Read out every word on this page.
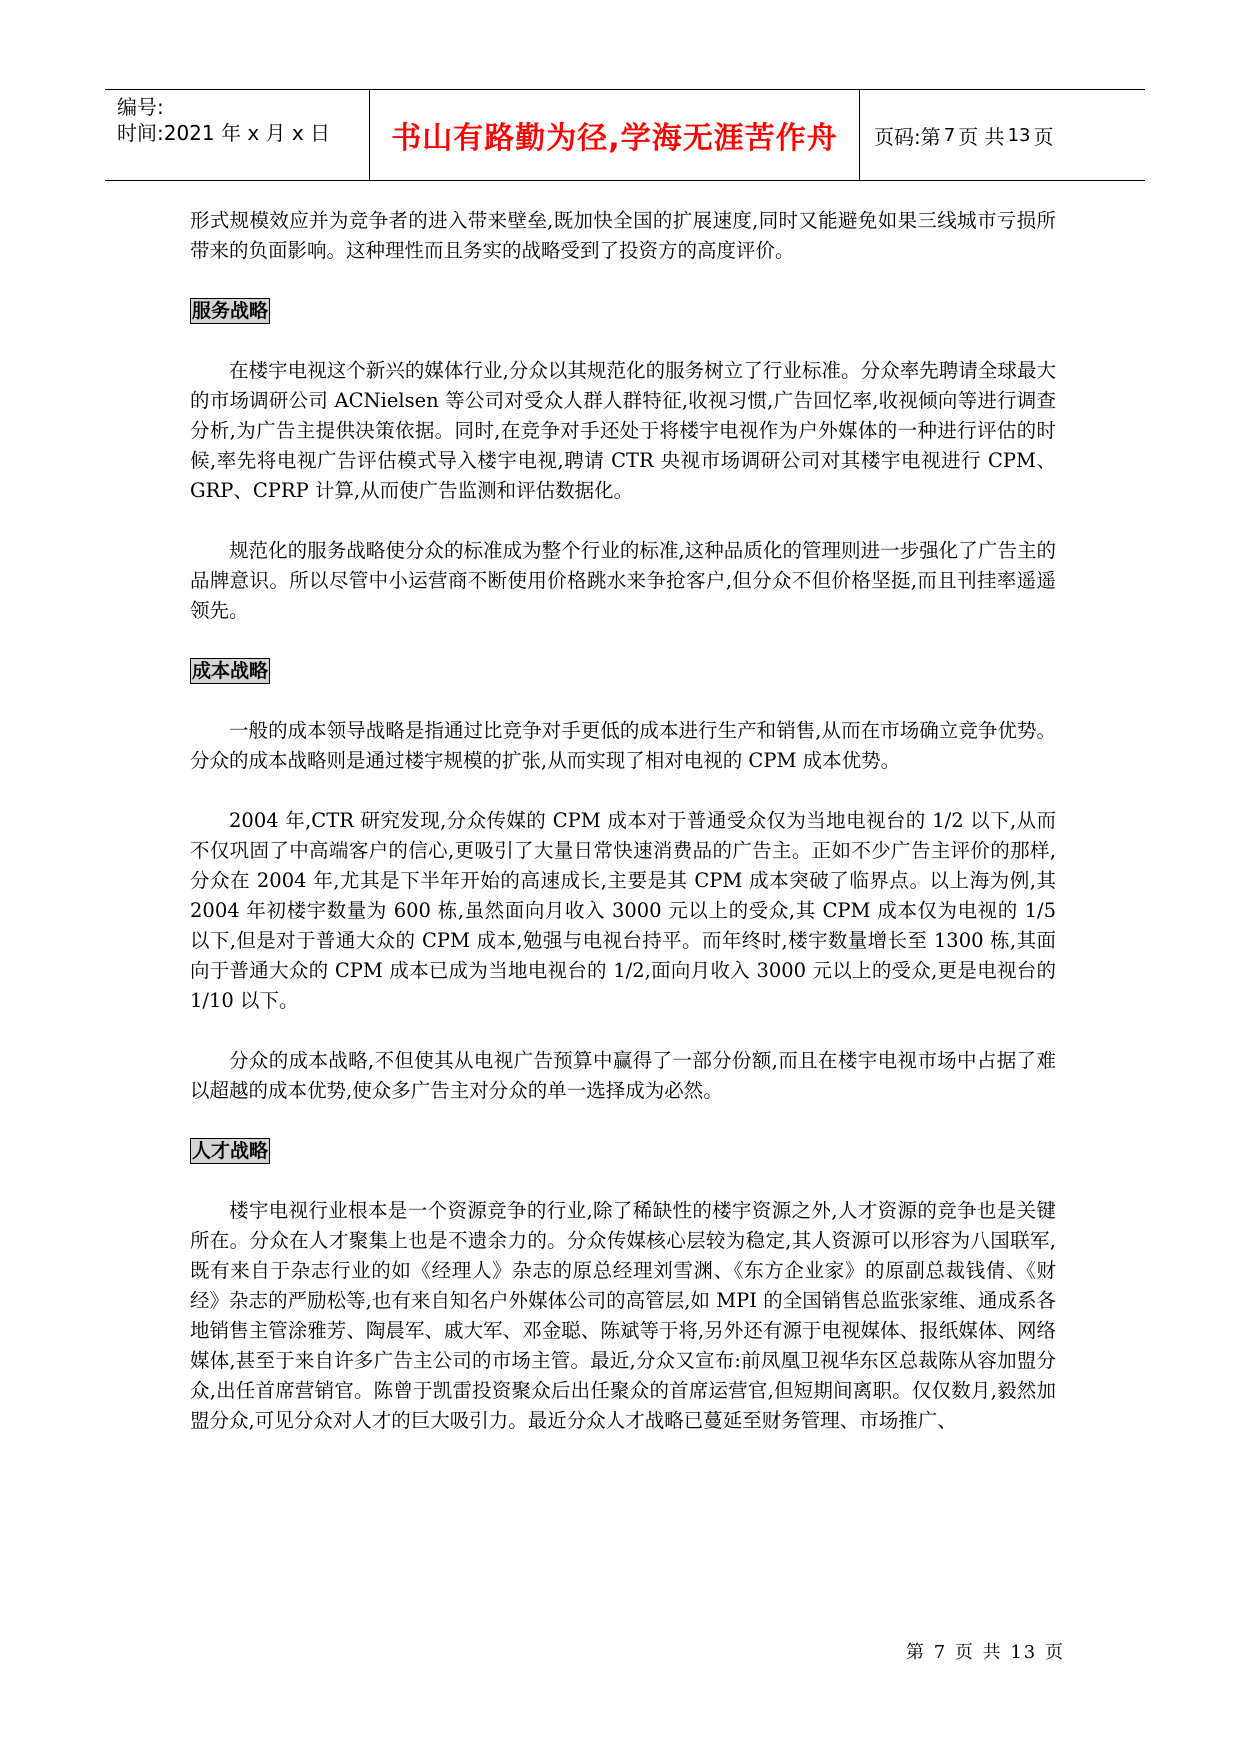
编号:
时间:2021 年 x 月 x 日	书山有路勤为径,学海无涯苦作舟	页码:第 7 页 共 13 页

形式规模效应并为竞争者的进入带来壁垒,既加快全国的扩展速度,同时又能避免如果三线城市亏损所带来的负面影响。这种理性而且务实的战略受到了投资方的高度评价。

服务战略

在楼宇电视这个新兴的媒体行业,分众以其规范化的服务树立了行业标准。分众率先聘请全球最大的市场调研公司 ACNielsen 等公司对受众人群人群特征,收视习惯,广告回忆率,收视倾向等进行调查分析,为广告主提供决策依据。同时,在竞争对手还处于将楼宇电视作为户外媒体的一种进行评估的时候,率先将电视广告评估模式导入楼宇电视,聘请 CTR 央视市场调研公司对其楼宇电视进行 CPM、GRP、CPRP 计算,从而使广告监测和评估数据化。

规范化的服务战略使分众的标准成为整个行业的标准,这种品质化的管理则进一步强化了广告主的品牌意识。所以尽管中小运营商不断使用价格跳水来争抢客户,但分众不但价格坚挺,而且刊挂率遥遥领先。

成本战略

一般的成本领导战略是指通过比竞争对手更低的成本进行生产和销售,从而在市场确立竞争优势。分众的成本战略则是通过楼宇规模的扩张,从而实现了相对电视的 CPM 成本优势。

2004 年,CTR 研究发现,分众传媒的 CPM 成本对于普通受众仅为当地电视台的 1/2 以下,从而不仅巩固了中高端客户的信心,更吸引了大量日常快速消费品的广告主。正如不少广告主评价的那样,分众在 2004 年,尤其是下半年开始的高速成长,主要是其 CPM 成本突破了临界点。以上海为例,其 2004 年初楼宇数量为 600 栋,虽然面向月收入 3000 元以上的受众,其 CPM 成本仅为电视的 1/5 以下,但是对于普通大众的 CPM 成本,勉强与电视台持平。而年终时,楼宇数量增长至 1300 栋,其面向于普通大众的 CPM 成本已成为当地电视台的 1/2,面向月收入 3000 元以上的受众,更是电视台的 1/10 以下。

分众的成本战略,不但使其从电视广告预算中赢得了一部分份额,而且在楼宇电视市场中占据了难以超越的成本优势,使众多广告主对分众的单一选择成为必然。

人才战略

楼宇电视行业根本是一个资源竞争的行业,除了稀缺性的楼宇资源之外,人才资源的竞争也是关键所在。分众在人才聚集上也是不遗余力的。分众传媒核心层较为稳定,其人资源可以形容为八国联军,既有来自于杂志行业的如《经理人》杂志的原总经理刘雪渊、《东方企业家》的原副总裁钱倩、《财经》杂志的严励松等,也有来自知名户外媒体公司的高管层,如 MPI 的全国销售总监张家维、通成系各地销售主管涂雅芳、陶晨军、戚大军、邓金聪、陈斌等于将,另外还有源于电视媒体、报纸媒体、网络媒体,甚至于来自许多广告主公司的市场主管。最近,分众又宣布:前凤凰卫视华东区总裁陈从容加盟分众,出任首席营销官。陈曾于凯雷投资聚众后出任聚众的首席运营官,但短期间离职。仅仅数月,毅然加盟分众,可见分众对人才的巨大吸引力。最近分众人才战略已蔓延至财务管理、市场推广、

第 7 页 共 13 页
